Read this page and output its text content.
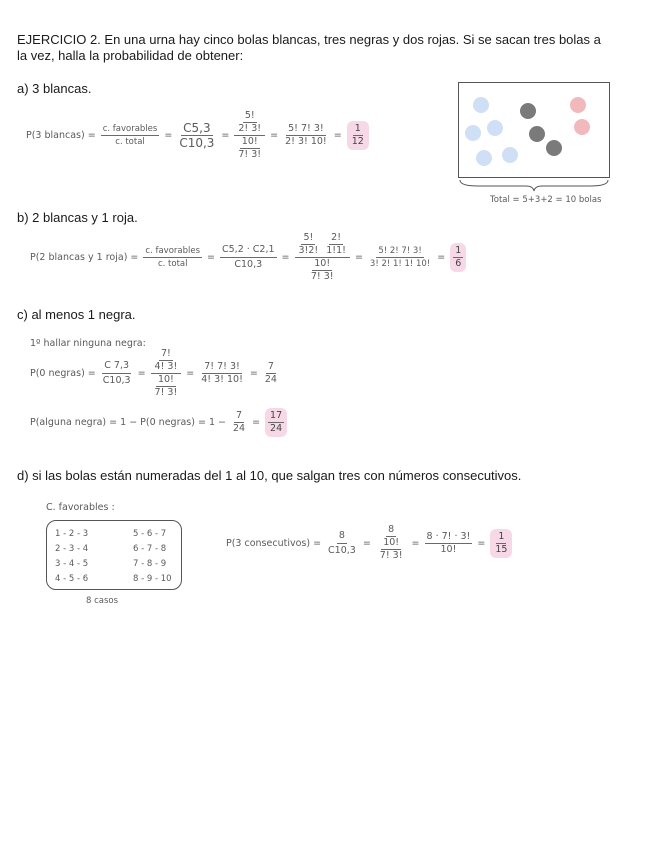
EJERCICIO 2. En una urna hay cinco bolas blancas, tres negras y dos rojas. Si se sacan tres bolas a
la vez, halla la probabilidad de obtener:
a) 3 blancas.
P(3 blancas) = $\frac{\text{c. favorables}}{\text{c. total}} = \frac{C5,3}{C10,3} = \frac{\frac{5!}{2! 3!}}{\frac{10!}{7! 3!}} = \frac{5! 7! 3!}{2! 3! 10!} = \frac{1}{12}$
Total = 5+3+2 = 10 bolas
b) 2 blancas y 1 roja.
P(2 blancas y 1 roja) = $\frac{\text{c. favorables}}{\text{c. total}} = \frac{C5,2 \cdot C2,1}{C10,3} = \frac{\frac{5!}{3!2!} \frac{2!}{1!1!}}{\frac{10!}{7! 3!}} = \frac{5! 2! 7! 3!}{3! 2! 1! 1! 10!} = \frac{1}{6}$
c) al menos 1 negra.
1º hallar ninguna negra:
P(0 negras) = $\frac{C 7,3}{C10,3} = \frac{\frac{7!}{4! 3!}}{\frac{10!}{7! 3!}} = \frac{7! 7! 3!}{4! 3! 10!} = \frac{7}{24}$
P(alguna negra) = 1 − P(0 negras) = $1 - \frac{7}{24} = \frac{17}{24}$
d) si las bolas están numeradas del 1 al 10, que salgan tres con números consecutivos.
C. favorables :
1 - 2 - 3
2 - 3 - 4
3 - 4 - 5
4 - 5 - 6
5 - 6 - 7
6 - 7 - 8
7 - 8 - 9
8 - 9 - 10
8 casos
P(3 consecutivos) = $\frac{8}{C10,3} = \frac{8}{\frac{10!}{7! 3!}} = \frac{8 \cdot 7! \cdot 3!}{10!} = \frac{1}{15}$
